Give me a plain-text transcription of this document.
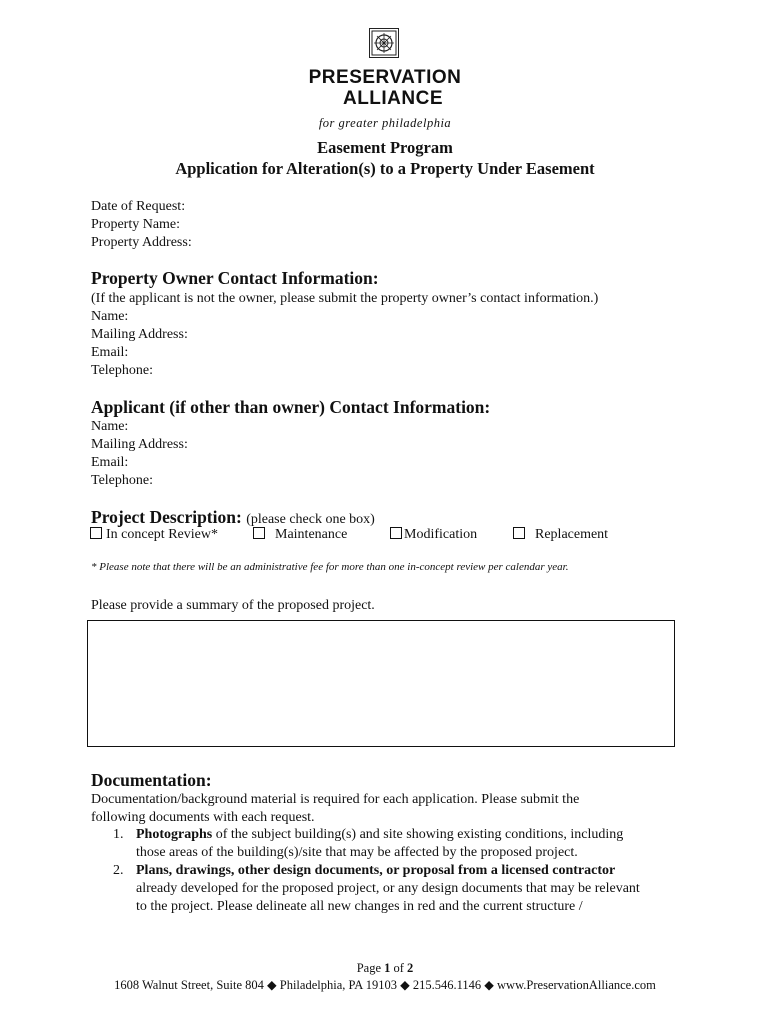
PRESERVATION
ALLIANCE
for greater philadelphia
Easement Program
Application for Alteration(s) to a Property Under Easement
Date of Request:
Property Name:
Property Address:
Property Owner Contact Information:
(If the applicant is not the owner, please submit the property owner’s contact information.)
Name:
Mailing Address:
Email:
Telephone:
Applicant (if other than owner) Contact Information:
Name:
Mailing Address:
Email:
Telephone:
Project Description: (please check one box)
In concept Review*	Maintenance	Modification	Replacement
* Please note that there will be an administrative fee for more than one in-concept review per calendar year.
Please provide a summary of the proposed project.
Documentation:
Documentation/background material is required for each application. Please submit the
following documents with each request.
1. Photographs of the subject building(s) and site showing existing conditions, including
those areas of the building(s)/site that may be affected by the proposed project.
2. Plans, drawings, other design documents, or proposal from a licensed contractor
already developed for the proposed project, or any design documents that may be relevant
to the project. Please delineate all new changes in red and the current structure /
Page 1 of 2
1608 Walnut Street, Suite 804 ◆ Philadelphia, PA 19103 ◆ 215.546.1146 ◆ www.PreservationAlliance.com
